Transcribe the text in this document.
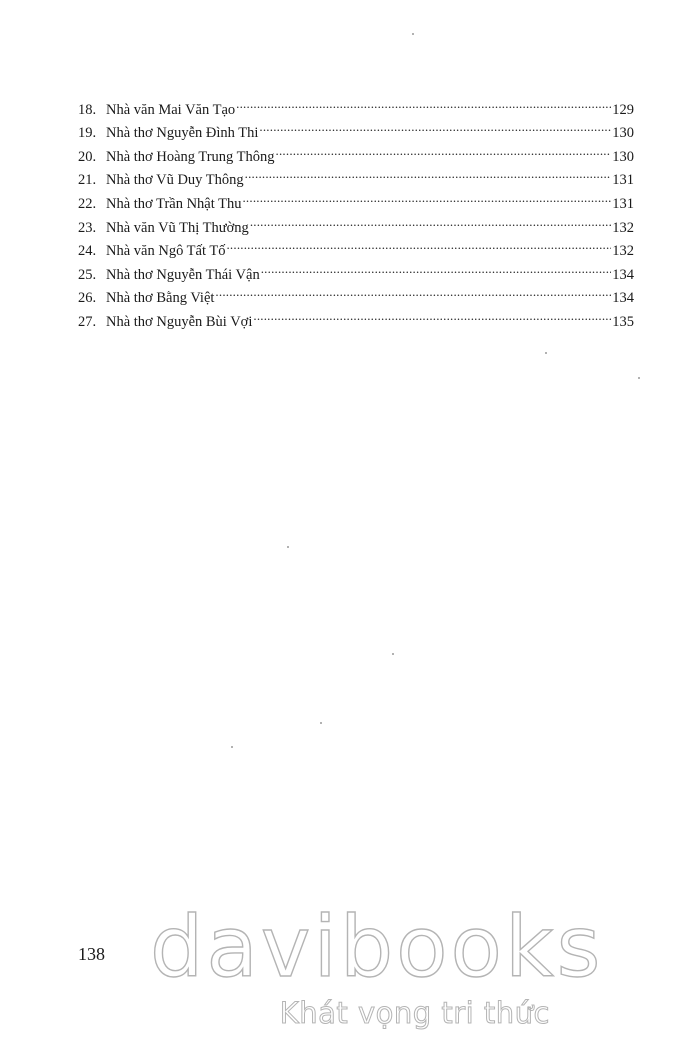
18. Nhà văn Mai Văn Tạo .....	129
19. Nhà thơ Nguyễn Đình Thi .....	130
20. Nhà thơ Hoàng Trung Thông .....	130
21. Nhà thơ Vũ Duy Thông .....	131
22. Nhà thơ Trần Nhật Thu .....	131
23. Nhà văn Vũ Thị Thường .....	132
24. Nhà văn Ngô Tất Tố .....	132
25. Nhà thơ Nguyễn Thái Vận .....	134
26. Nhà thơ Bằng Việt .....	134
27. Nhà thơ Nguyễn Bùi Vợi .....	135
138 davibooks
Khát vọng tri thức
